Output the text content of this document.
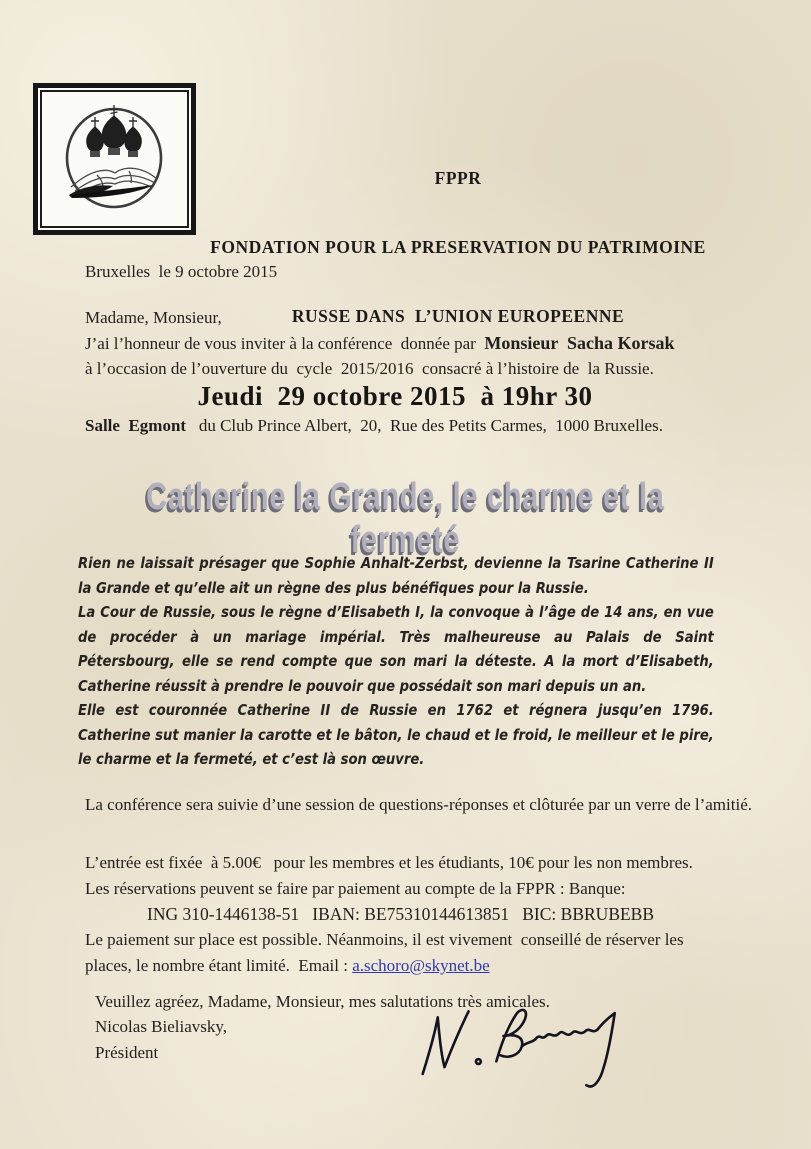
FPPR

FONDATION POUR LA PRESERVATION DU PATRIMOINE

RUSSE DANS  L’UNION EUROPEENNE

Bruxelles  le 9 octobre 2015
Madame, Monsieur,
J’ai l’honneur de vous inviter à la conférence  donnée par  Monsieur  Sacha Korsak
à l’occasion de l’ouverture du  cycle  2015/2016  consacré à l’histoire de  la Russie.
Jeudi  29 octobre 2015  à 19hr 30
Salle  Egmont   du Club Prince Albert,  20,  Rue des Petits Carmes,  1000 Bruxelles.
Catherine la Grande, le charme et la fermeté

Rien ne laissait présager que Sophie Anhalt-Zerbst, devienne la Tsarine Catherine II la Grande et qu’elle ait un règne des plus bénéfiques pour la Russie.

La Cour de Russie, sous le règne d’Elisabeth I, la convoque à l’âge de 14 ans, en vue de procéder à un mariage impérial. Très malheureuse au Palais de Saint Pétersbourg, elle se rend compte que son mari la déteste. A la mort d’Elisabeth, Catherine réussit à prendre le pouvoir que possédait son mari depuis un an.

Elle est couronnée Catherine II de Russie en 1762 et régnera jusqu’en 1796. Catherine sut manier la carotte et le bâton, le chaud et le froid, le meilleur et le pire, le charme et la fermeté, et c’est là son œuvre.

La conférence sera suivie d’une session de questions-réponses et clôturée par un verre de l’amitié.
L’entrée est fixée  à 5.00€   pour les membres et les étudiants, 10€ pour les non membres.
Les réservations peuvent se faire par paiement au compte de la FPPR : Banque:
ING 310-1446138-51   IBAN: BE75310144613851   BIC: BBRUBEBB
Le paiement sur place est possible. Néanmoins, il est vivement  conseillé de réserver les
places, le nombre étant limité.  Email : a.schoro@skynet.be
Veuillez agréez, Madame, Monsieur, mes salutations très amicales.
Nicolas Bieliavsky,
Président
